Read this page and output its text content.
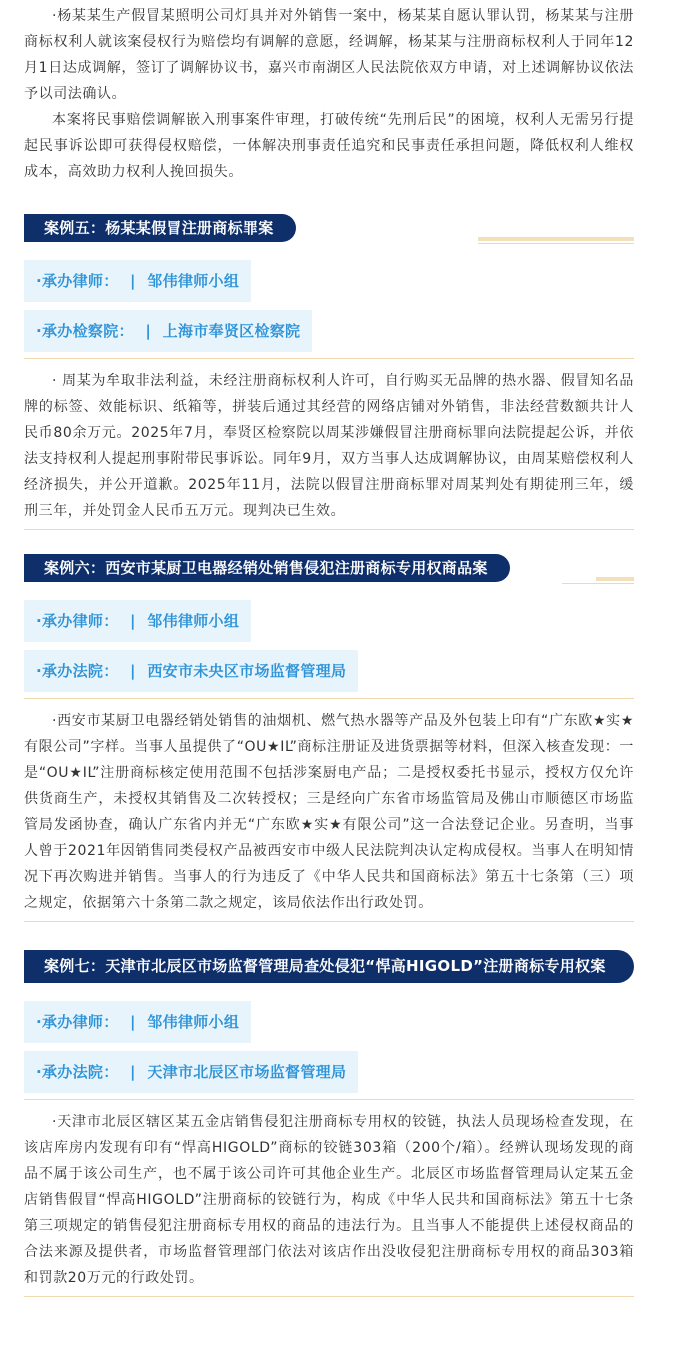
·杨某某生产假冒某照明公司灯具并对外销售一案中，杨某某自愿认罪认罚，杨某某与注册商标权利人就该案侵权行为赔偿均有调解的意愿，经调解，杨某某与注册商标权利人于同年12月1日达成调解，签订了调解协议书，嘉兴市南湖区人民法院依双方申请，对上述调解协议依法予以司法确认。

本案将民事赔偿调解嵌入刑事案件审理，打破传统“先刑后民”的困境，权利人无需另行提起民事诉讼即可获得侵权赔偿，一体解决刑事责任追究和民事责任承担问题，降低权利人维权成本，高效助力权利人挽回损失。

案例五：杨某某假冒注册商标罪案
·承办律师： | 邹伟律师小组
·承办检察院： | 上海市奉贤区检察院

· 周某为牟取非法利益，未经注册商标权利人许可，自行购买无品牌的热水器、假冒知名品牌的标签、效能标识、纸箱等，拼装后通过其经营的网络店铺对外销售，非法经营数额共计人民币80余万元。2025年7月，奉贤区检察院以周某涉嫌假冒注册商标罪向法院提起公诉，并依法支持权利人提起刑事附带民事诉讼。同年9月，双方当事人达成调解协议，由周某赔偿权利人经济损失，并公开道歉。2025年11月，法院以假冒注册商标罪对周某判处有期徒刑三年，缓刑三年，并处罚金人民币五万元。现判决已生效。

案例六：西安市某厨卫电器经销处销售侵犯注册商标专用权商品案
·承办律师： | 邹伟律师小组
·承办法院： | 西安市未央区市场监督管理局

·西安市某厨卫电器经销处销售的油烟机、燃气热水器等产品及外包装上印有“广东欧★实★有限公司”字样。当事人虽提供了“OU★IL”商标注册证及进货票据等材料，但深入核查发现：一是“OU★IL”注册商标核定使用范围不包括涉案厨电产品；二是授权委托书显示，授权方仅允许供货商生产，未授权其销售及二次转授权；三是经向广东省市场监管局及佛山市顺德区市场监管局发函协查，确认广东省内并无“广东欧★实★有限公司”这一合法登记企业。另查明，当事人曾于2021年因销售同类侵权产品被西安市中级人民法院判决认定构成侵权。当事人在明知情况下再次购进并销售。当事人的行为违反了《中华人民共和国商标法》第五十七条第（三）项之规定，依据第六十条第二款之规定，该局依法作出行政处罚。

案例七：天津市北辰区市场监督管理局查处侵犯“悍高HIGOLD”注册商标专用权案
·承办律师： | 邹伟律师小组
·承办法院： | 天津市北辰区市场监督管理局

·天津市北辰区辖区某五金店销售侵犯注册商标专用权的铰链，执法人员现场检查发现，在该店库房内发现有印有“悍高HIGOLD”商标的铰链303箱（200个/箱）。经辨认现场发现的商品不属于该公司生产，也不属于该公司许可其他企业生产。北辰区市场监督管理局认定某五金店销售假冒“悍高HIGOLD”注册商标的铰链行为，构成《中华人民共和国商标法》第五十七条第三项规定的销售侵犯注册商标专用权的商品的违法行为。且当事人不能提供上述侵权商品的合法来源及提供者，市场监督管理部门依法对该店作出没收侵犯注册商标专用权的商品303箱和罚款20万元的行政处罚。
